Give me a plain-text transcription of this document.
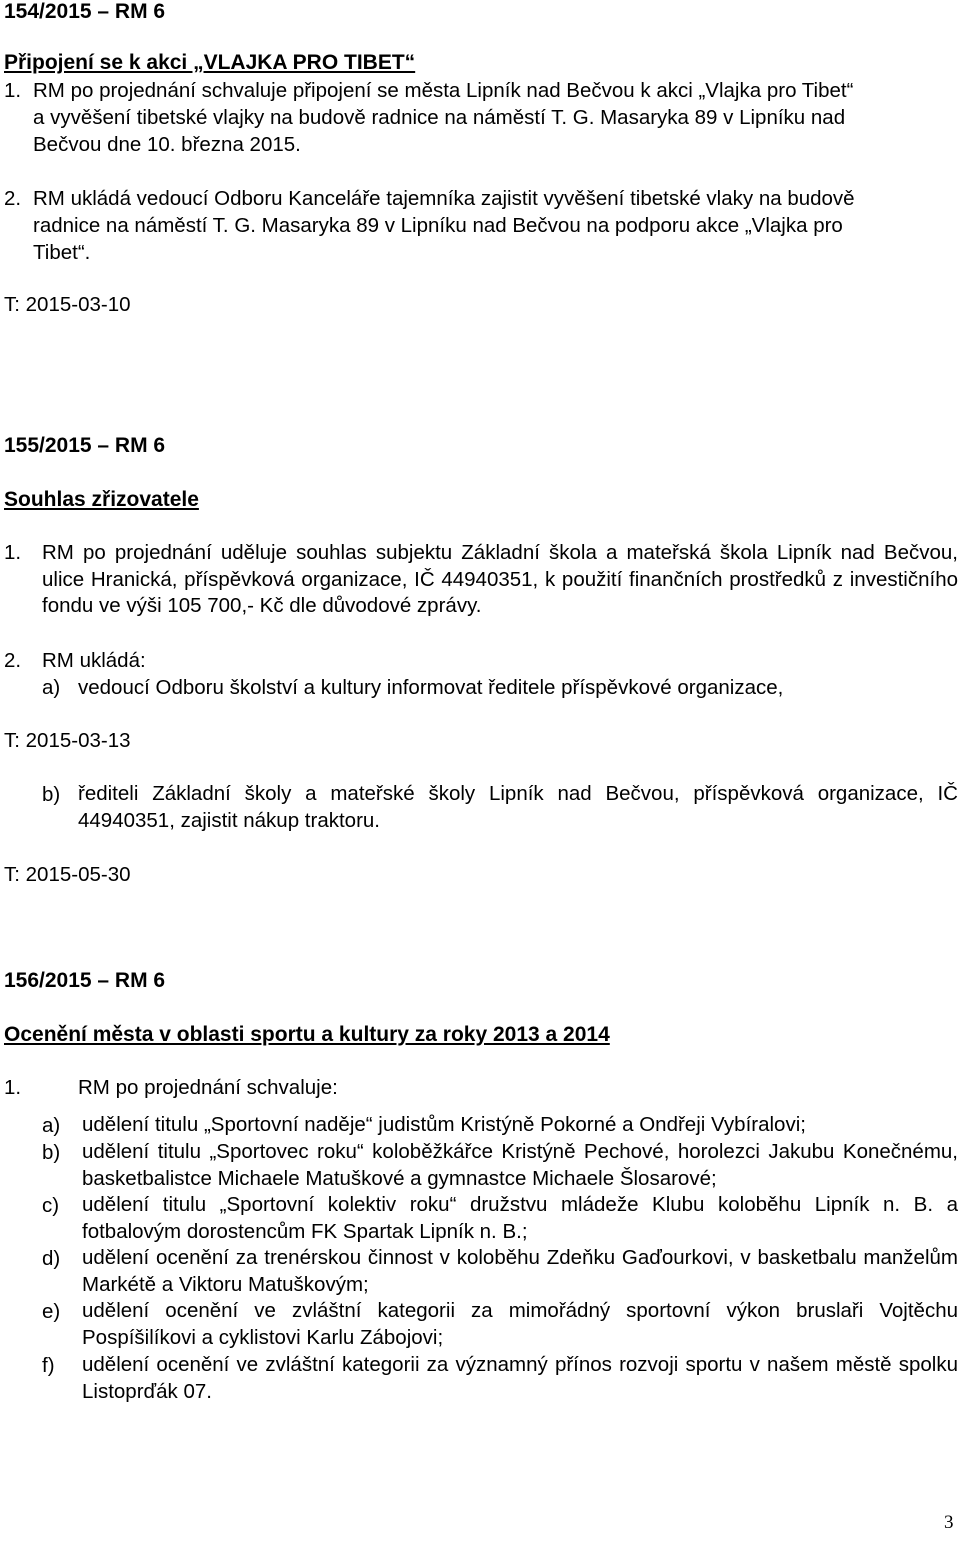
154/2015 – RM 6
Připojení se k akci „VLAJKA PRO TIBET“
1. RM po projednání schvaluje připojení se města Lipník nad Bečvou k akci „Vlajka pro Tibet“
a vyvěšení tibetské vlajky na budově radnice na náměstí T. G. Masaryka 89 v Lipníku nad
Bečvou dne 10. března 2015.
2. RM ukládá vedoucí Odboru Kanceláře tajemníka zajistit vyvěšení tibetské vlaky na budově
radnice na náměstí T. G. Masaryka 89 v Lipníku nad Bečvou na podporu akce „Vlajka pro
Tibet“.
T: 2015-03-10
155/2015 – RM 6
Souhlas zřizovatele
1. RM po projednání uděluje souhlas subjektu Základní škola a mateřská škola Lipník nad Bečvou, ulice Hranická, příspěvková organizace, IČ 44940351, k použití finančních prostředků z investičního fondu ve výši 105 700,- Kč dle důvodové zprávy.
2. RM ukládá:
a) vedoucí Odboru školství a kultury informovat ředitele příspěvkové organizace,
T: 2015-03-13
b) řediteli Základní školy a mateřské školy Lipník nad Bečvou, příspěvková organizace, IČ 44940351, zajistit nákup traktoru.
T: 2015-05-30
156/2015 – RM 6
Ocenění města v oblasti sportu a kultury za roky 2013 a 2014
1.	RM po projednání schvaluje:
a) udělení titulu „Sportovní naděje“ judistům Kristýně Pokorné a Ondřeji Vybíralovi;
b) udělení titulu „Sportovec roku“ koloběžkářce Kristýně Pechové, horolezci Jakubu Konečnému, basketbalistce Michaele Matuškové a gymnastce Michaele Šlosarové;
c) udělení titulu „Sportovní kolektiv roku“ družstvu mládeže Klubu koloběhu Lipník n. B. a fotbalovým dorostencům FK Spartak Lipník n. B.;
d) udělení ocenění za trenérskou činnost v koloběhu Zdeňku Gaďourkovi, v basketbalu manželům Markétě a Viktoru Matuškovým;
e) udělení ocenění ve zvláštní kategorii za mimořádný sportovní výkon bruslaři Vojtěchu Pospíšilíkovi a cyklistovi Karlu Zábojovi;
f) udělení ocenění ve zvláštní kategorii za významný přínos rozvoji sportu v našem městě spolku Listoprďák 07.
3
